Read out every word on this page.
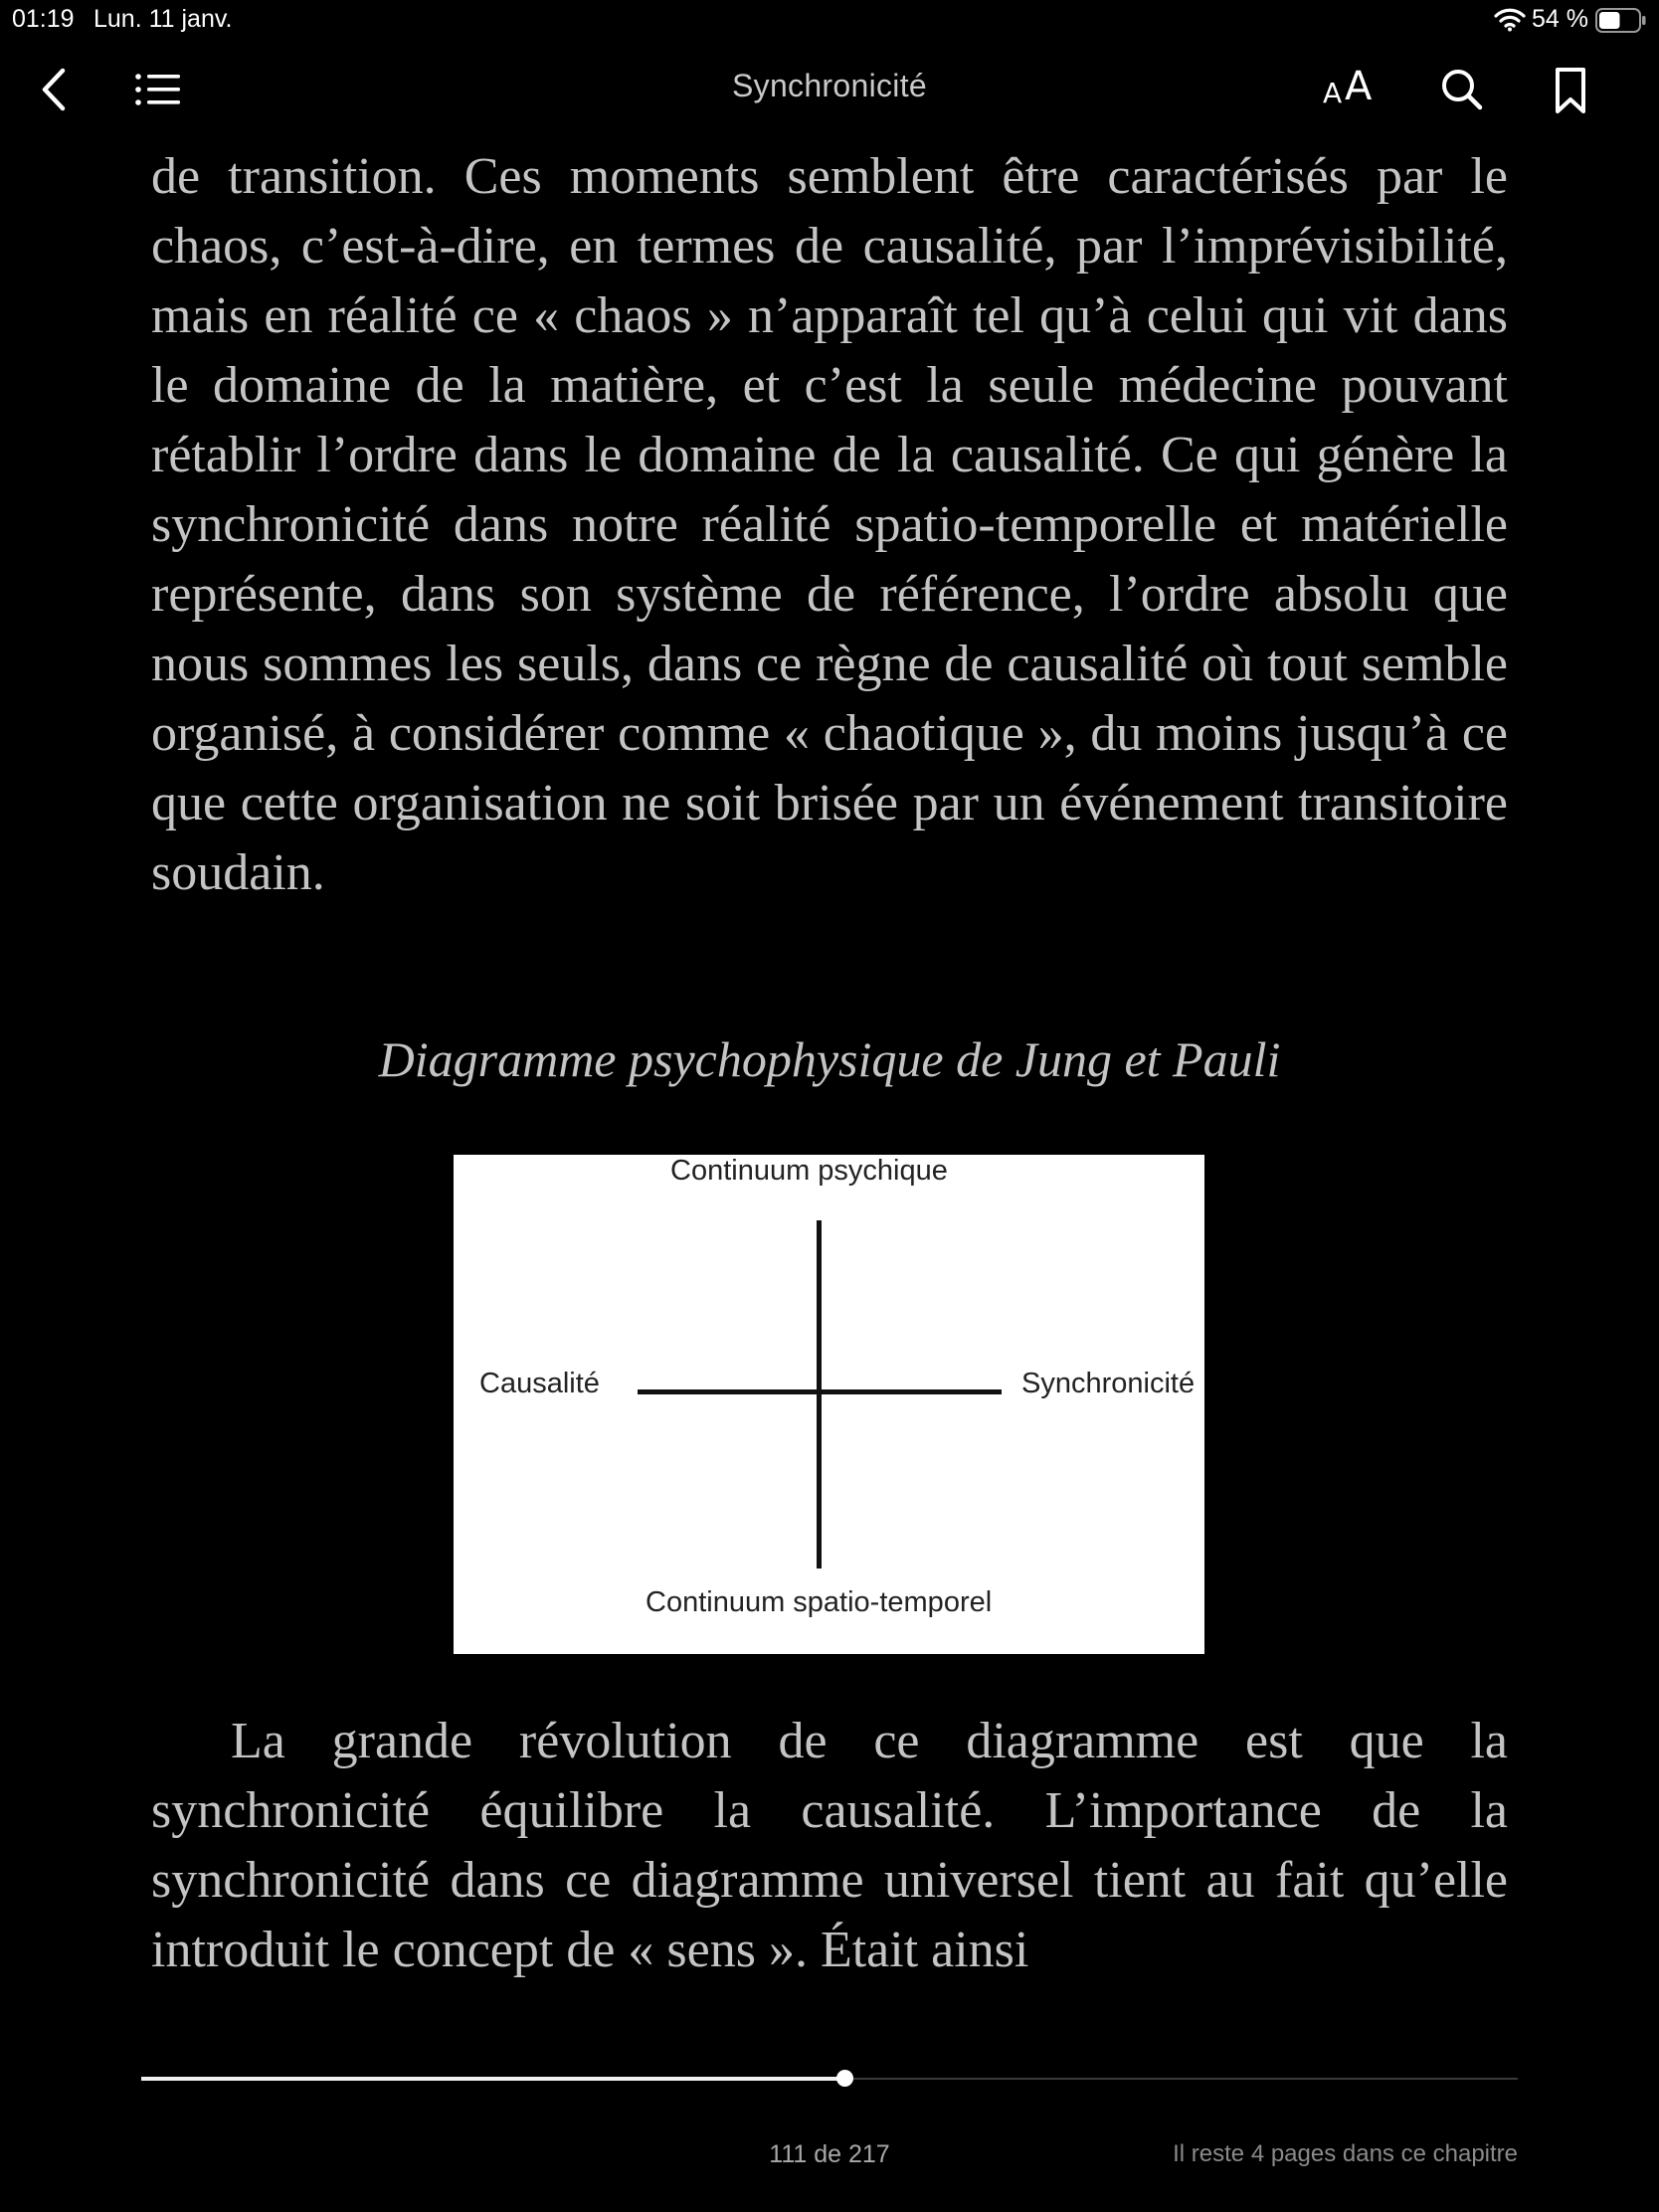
01:19 Lun. 11 janv.	54 %
Synchronicité	A A

de transition. Ces moments semblent être caractérisés par le chaos, c’est-à-dire, en termes de causalité, par l’imprévisibilité, mais en réalité ce « chaos » n’apparaît tel qu’à celui qui vit dans le domaine de la matière, et c’est la seule médecine pouvant rétablir l’ordre dans le domaine de la causalité. Ce qui génère la synchronicité dans notre réalité spatio-temporelle et matérielle représente, dans son système de référence, l’ordre absolu que nous sommes les seuls, dans ce règne de causalité où tout semble organisé, à considérer comme « chaotique », du moins jusqu’à ce que cette organisation ne soit brisée par un événement transitoire soudain.

Diagramme psychophysique de Jung et Pauli
Continuum psychique
Causalité	Synchronicité
Continuum spatio-temporel

La grande révolution de ce diagramme est que la synchronicité équilibre la causalité. L’importance de la synchronicité dans ce diagramme universel tient au fait qu’elle introduit le concept de « sens ». Était ainsi

111 de 217	Il reste 4 pages dans ce chapitre
